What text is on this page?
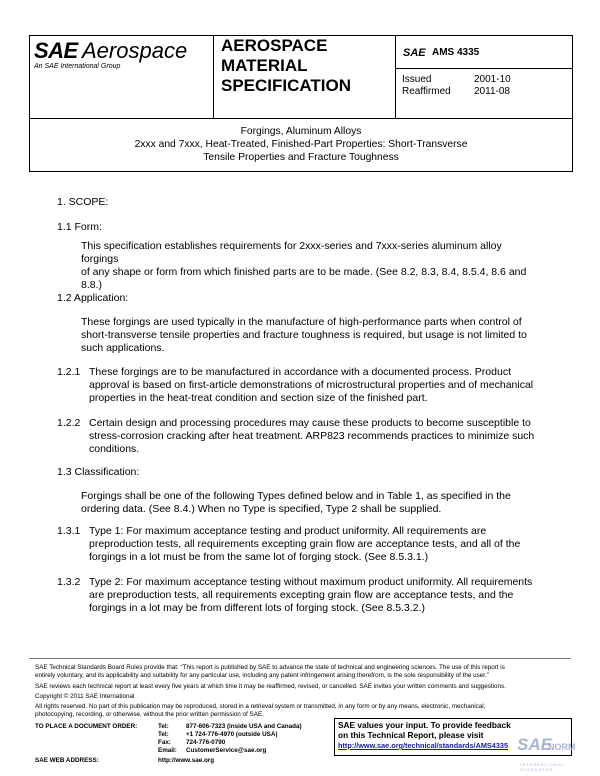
SAE Aerospace
An SAE International Group
AEROSPACE
MATERIAL
SPECIFICATION
SAE AMS 4335
Issued	2001-10
Reaffirmed 2011-08
Forgings, Aluminum Alloys
2xxx and 7xxx, Heat-Treated, Finished-Part Properties: Short-Transverse
Tensile Properties and Fracture Toughness
1. SCOPE:
1.1 Form:
This specification establishes requirements for 2xxx-series and 7xxx-series aluminum alloy forgings
of any shape or form from which finished parts are to be made. (See 8.2, 8.3, 8.4, 8.5.4, 8.6 and
8.8.)
1.2 Application:
These forgings are used typically in the manufacture of high-performance parts when control of
short-transverse tensile properties and fracture toughness is required, but usage is not limited to
such applications.
1.2.1 These forgings are to be manufactured in accordance with a documented process. Product
approval is based on first-article demonstrations of microstructural properties and of mechanical
properties in the heat-treat condition and section size of the finished part.
1.2.2 Certain design and processing procedures may cause these products to become susceptible to
stress-corrosion cracking after heat treatment. ARP823 recommends practices to minimize such
conditions.
1.3 Classification:
Forgings shall be one of the following Types defined below and in Table 1, as specified in the
ordering data. (See 8.4.) When no Type is specified, Type 2 shall be supplied.
1.3.1 Type 1: For maximum acceptance testing and product uniformity. All requirements are
preproduction tests, all requirements excepting grain flow are acceptance tests, and all of the
forgings in a lot must be from the same lot of forging stock. (See 8.5.3.1.)
1.3.2 Type 2: For maximum acceptance testing without maximum product uniformity. All requirements
are preproduction tests, all requirements excepting grain flow are acceptance tests, and the
forgings in a lot may be from different lots of forging stock. (See 8.5.3.2.)
SAE Technical Standards Board Rules provide that: “This report is published by SAE to advance the state of technical and engineering sciences. The use of this report is
entirely voluntary, and its applicability and suitability for any particular use, including any patent infringement arising therefrom, is the sole responsibility of the user.”
SAE reviews each technical report at least every five years at which time it may be reaffirmed, revised, or cancelled. SAE invites your written comments and suggestions.
Copyright © 2011 SAE International
All rights reserved. No part of this publication may be reproduced, stored in a retrieval system or transmitted, in any form or by any means, electronic, mechanical,
photocopying, recording, or otherwise, without the prior written permission of SAE.
TO PLACE A DOCUMENT ORDER:	Tel:	877-606-7323 (inside USA and Canada)
Tel:	+1 724-776-4970 (outside USA)
Fax: 724-776-0790
Email: CustomerService@sae.org
SAE WEB ADDRESS:	http://www.sae.org
SAE values your input. To provide feedback
on this Technical Report, please visit
http://www.sae.org/technical/standards/AMS4335 SAE
NORM
INTERNATIONAL STANDARDS
